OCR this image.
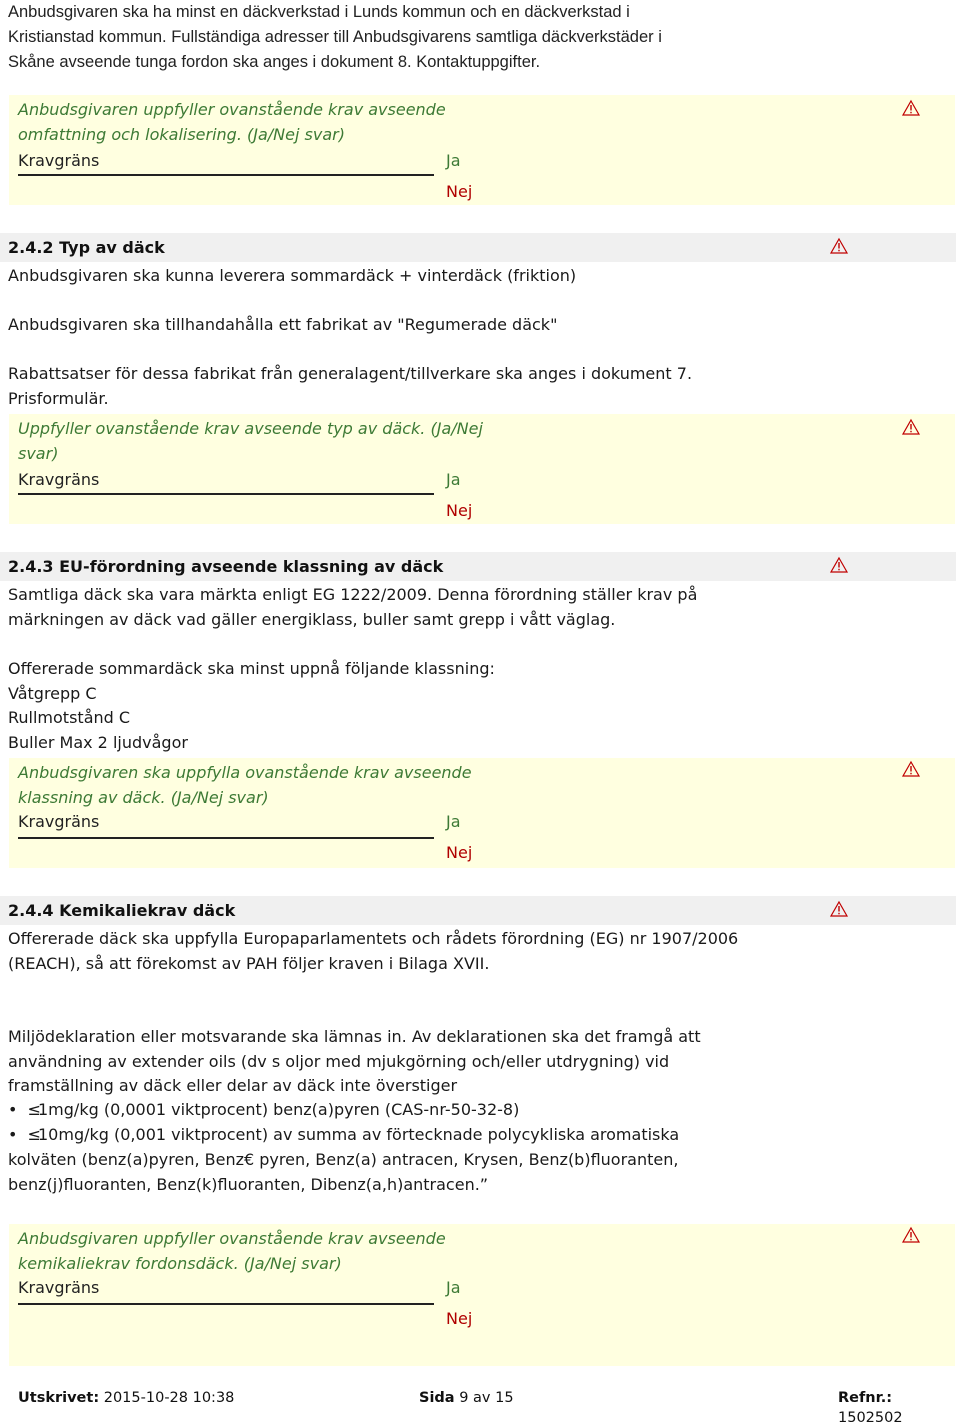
Anbudsgivaren ska ha minst en däckverkstad i Lunds kommun och en däckverkstad i

Kristianstad kommun. Fullständiga adresser till Anbudsgivarens samtliga däckverkstäder i

Skåne avseende tunga fordon ska anges i dokument 8. Kontaktuppgifter.

Anbudsgivaren uppfyller ovanstående krav avseende
omfattning och lokalisering. (Ja/Nej svar)
Kravgräns	Ja
Nej
2.4.2 Typ av däck
Anbudsgivaren ska kunna leverera sommardäck + vinterdäck (friktion)
Anbudsgivaren ska tillhandahålla ett fabrikat av "Regumerade däck"

Rabattsatser för dessa fabrikat från generalagent/tillverkare ska anges i dokument 7.

Prisformulär.

Uppfyller ovanstående krav avseende typ av däck. (Ja/Nej
svar)
Kravgräns	Ja
Nej
2.4.3 EU-förordning avseende klassning av däck

Samtliga däck ska vara märkta enligt EG 1222/2009. Denna förordning ställer krav på

märkningen av däck vad gäller energiklass, buller samt grepp i vått väglag.

Offererade sommardäck ska minst uppnå följande klassning:

Våtgrepp C

Rullmotstånd C

Buller Max 2 ljudvågor

Anbudsgivaren ska uppfylla ovanstående krav avseende
klassning av däck. (Ja/Nej svar)
Kravgräns	Ja
Nej
2.4.4 Kemikaliekrav däck

Offererade däck ska uppfylla Europaparlamentets och rådets förordning (EG) nr 1907/2006

(REACH), så att förekomst av PAH följer kraven i Bilaga XVII.

Miljödeklaration eller motsvarande ska lämnas in. Av deklarationen ska det framgå att

användning av extender oils (dv s oljor med mjukgörning och/eller utdrygning) vid

framställning av däck eller delar av däck inte överstiger

•  ≤1mg/kg (0,0001 viktprocent) benz(a)pyren (CAS-nr-50-32-8)
•  ≤10mg/kg (0,001 viktprocent) av summa av förtecknade polycykliska aromatiska

kolväten (benz(a)pyren, Benz€ pyren, Benz(a) antracen, Krysen, Benz(b)fluoranten,

benz(j)fluoranten, Benz(k)fluoranten, Dibenz(a,h)antracen.”

Anbudsgivaren uppfyller ovanstående krav avseende
kemikaliekrav fordonsdäck. (Ja/Nej svar)
Kravgräns	Ja
Nej
Utskrivet: 2015-10-28 10:38	Sida 9 av 15	Refnr.: 1502502
